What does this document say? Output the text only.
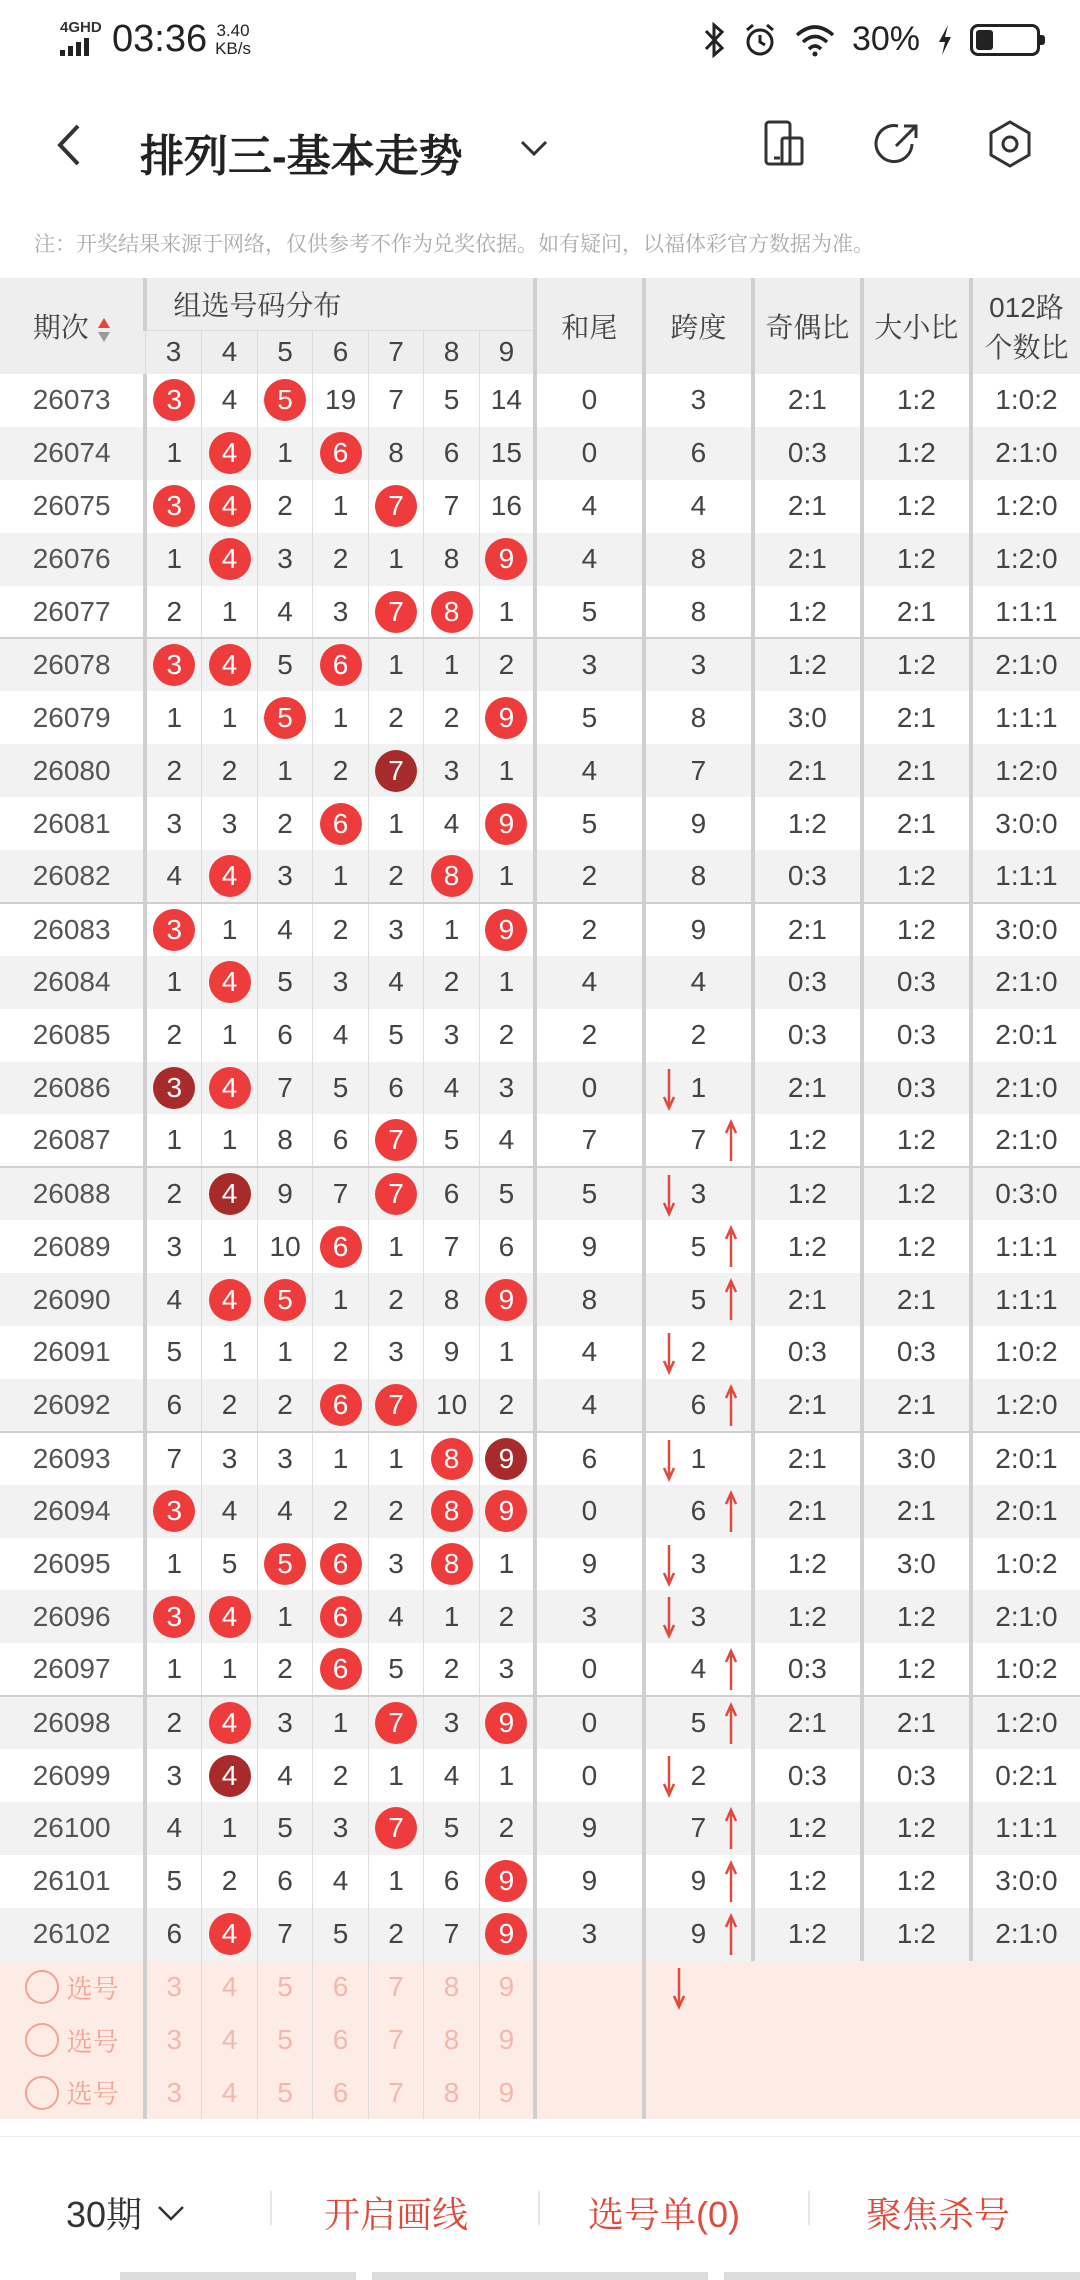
4GHD 03:36 3.40
KB/s	30%
排列三-基本走势
注：开奖结果来源于网络，仅供参考不作为兑奖依据。如有疑问，以福体彩官方数据为准。
期次	组选号码分布							和尾	跨度	奇偶比	大小比	012路
个数比

	3	4	5	6	7	8	9					
26073	3	4	5	19	7	5	14	0	3	2:1	1:2	1:0:2
26074	1	4	1	6	8	6	15	0	6	0:3	1:2	2:1:0
26075	3	4	2	1	7	7	16	4	4	2:1	1:2	1:2:0
26076	1	4	3	2	1	8	9	4	8	2:1	1:2	1:2:0
26077	2	1	4	3	7	8	1	5	8	1:2	2:1	1:1:1
26078	3	4	5	6	1	1	2	3	3	1:2	1:2	2:1:0
26079	1	1	5	1	2	2	9	5	8	3:0	2:1	1:1:1
26080	2	2	1	2	7	3	1	4	7	2:1	2:1	1:2:0
26081	3	3	2	6	1	4	9	5	9	1:2	2:1	3:0:0
26082	4	4	3	1	2	8	1	2	8	0:3	1:2	1:1:1
26083	3	1	4	2	3	1	9	2	9	2:1	1:2	3:0:0
26084	1	4	5	3	4	2	1	4	4	0:3	0:3	2:1:0
26085	2	1	6	4	5	3	2	2	2	0:3	0:3	2:0:1
26086	3	4	7	5	6	4	3	0	1	2:1	0:3	2:1:0
26087	1	1	8	6	7	5	4	7	7	1:2	1:2	2:1:0
26088	2	4	9	7	7	6	5	5	3	1:2	1:2	0:3:0
26089	3	1	10	6	1	7	6	9	5	1:2	1:2	1:1:1
26090	4	4	5	1	2	8	9	8	5	2:1	2:1	1:1:1
26091	5	1	1	2	3	9	1	4	2	0:3	0:3	1:0:2
26092	6	2	2	6	7	10	2	4	6	2:1	2:1	1:2:0
26093	7	3	3	1	1	8	9	6	1	2:1	3:0	2:0:1
26094	3	4	4	2	2	8	9	0	6	2:1	2:1	2:0:1
26095	1	5	5	6	3	8	1	9	3	1:2	3:0	1:0:2
26096	3	4	1	6	4	1	2	3	3	1:2	1:2	2:1:0
26097	1	1	2	6	5	2	3	0	4	0:3	1:2	1:0:2
26098	2	4	3	1	7	3	9	0	5	2:1	2:1	1:2:0
26099	3	4	4	2	1	4	1	0	2	0:3	0:3	0:2:1
26100	4	1	5	3	7	5	2	9	7	1:2	1:2	1:1:1
26101	5	2	6	4	1	6	9	9	9	1:2	1:2	3:0:0
26102	6	4	7	5	2	7	9	3	9	1:2	1:2	2:1:0

选号	3	4	5	6	7	8	9		

选号	3	4	5	6	7	8	9					

选号	3	4	5	6	7	8	9					
30期	开启画线	选号单(0)	聚焦杀号
